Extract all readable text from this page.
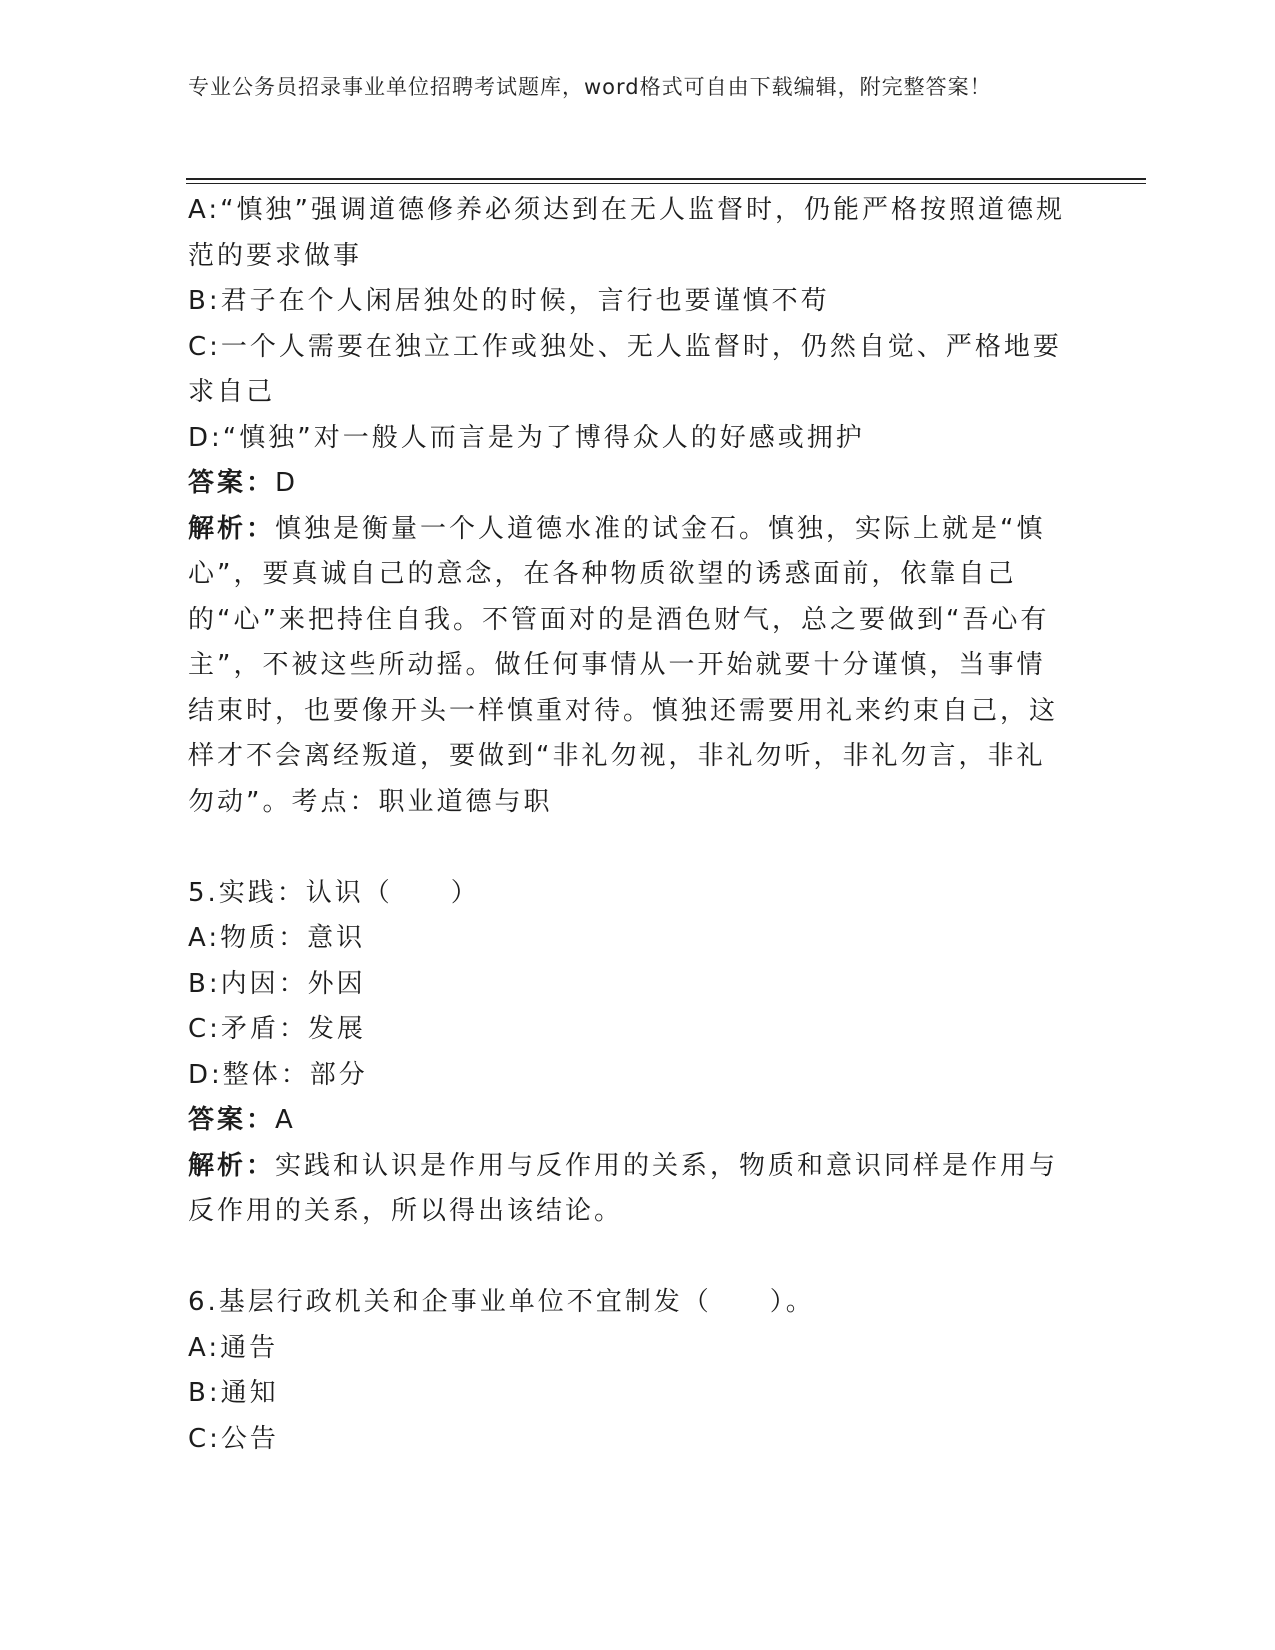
专业公务员招录事业单位招聘考试题库，word格式可自由下载编辑，附完整答案！
A:“慎独”强调道德修养必须达到在无人监督时，仍能严格按照道德规范的要求做事
B:君子在个人闲居独处的时候，言行也要谨慎不苟
C:一个人需要在独立工作或独处、无人监督时，仍然自觉、严格地要求自己
D:“慎独”对一般人而言是为了博得众人的好感或拥护
答案：D
解析：慎独是衡量一个人道德水准的试金石。慎独，实际上就是“慎心”，要真诚自己的意念，在各种物质欲望的诱惑面前，依靠自己的“心”来把持住自我。不管面对的是酒色财气，总之要做到“吾心有主”，不被这些所动摇。做任何事情从一开始就要十分谨慎，当事情结束时，也要像开头一样慎重对待。慎独还需要用礼来约束自己，这样才不会离经叛道，要做到“非礼勿视，非礼勿听，非礼勿言，非礼勿动”。考点：职业道德与职
5.实践：认识（　　）
A:物质：意识
B:内因：外因
C:矛盾：发展
D:整体：部分
答案：A
解析：实践和认识是作用与反作用的关系，物质和意识同样是作用与反作用的关系，所以得出该结论。
6.基层行政机关和企事业单位不宜制发（　　）。
A:通告
B:通知
C:公告
